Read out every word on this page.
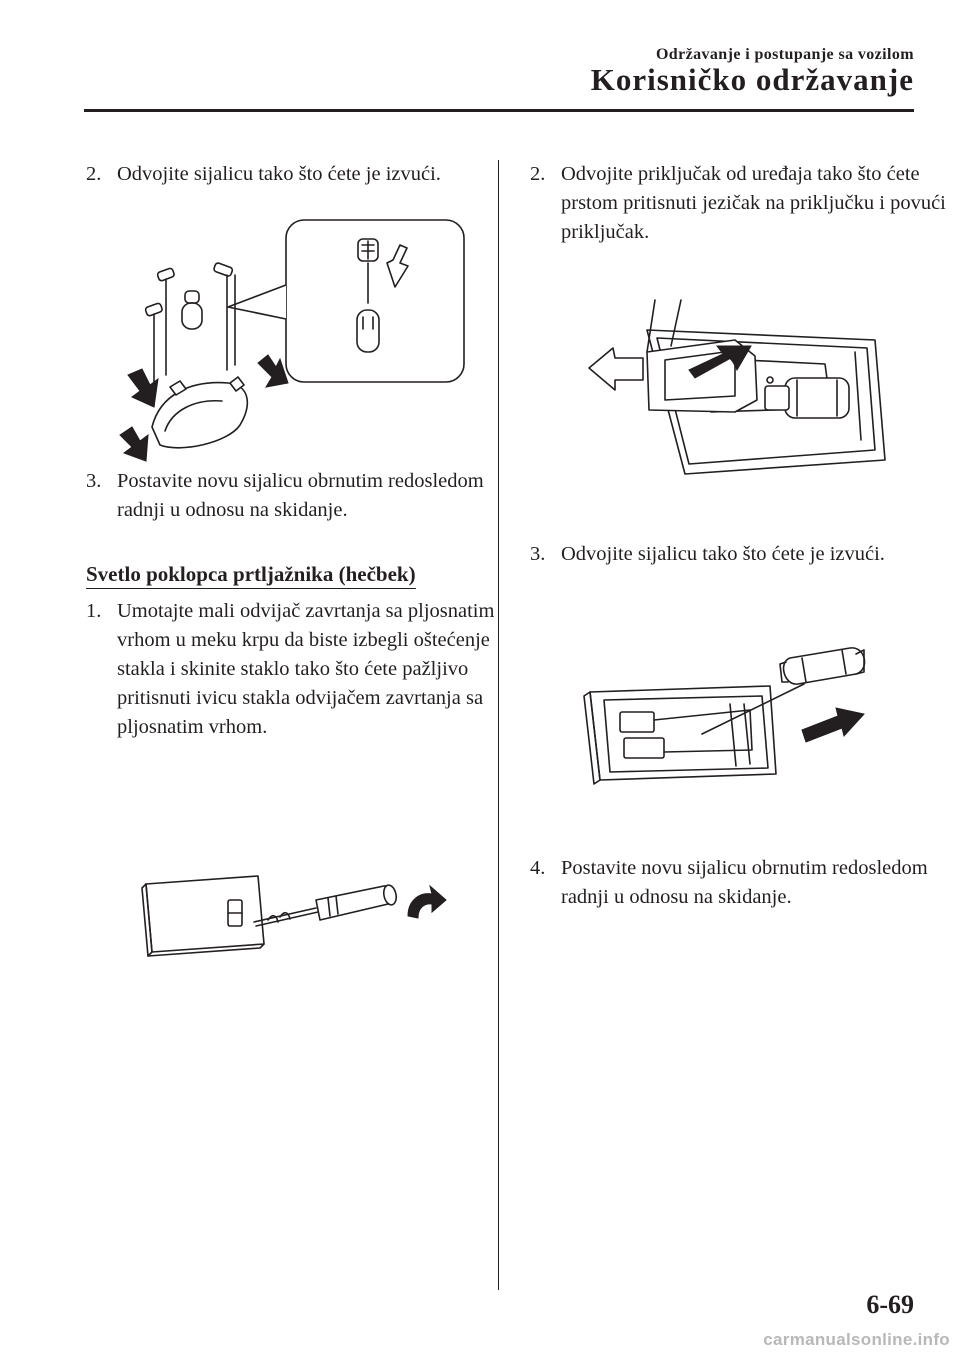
Održavanje i postupanje sa vozilom
Korisničko održavanje
2. Odvojite sijalicu tako što ćete je izvući.
3. Postavite novu sijalicu obrnutim redosledom radnji u odnosu na skidanje.
Svetlo poklopca prtljažnika (hečbek)
1. Umotajte mali odvijač zavrtanja sa pljosnatim vrhom u meku krpu da biste izbegli oštećenje stakla i skinite staklo tako što ćete pažljivo pritisnuti ivicu stakla odvijačem zavrtanja sa pljosnatim vrhom.
2. Odvojite priključak od uređaja tako što ćete prstom pritisnuti jezičak na priključku i povući priključak.
3. Odvojite sijalicu tako što ćete je izvući.
4. Postavite novu sijalicu obrnutim redosledom radnji u odnosu na skidanje.
6-69
carmanualsonline.info
